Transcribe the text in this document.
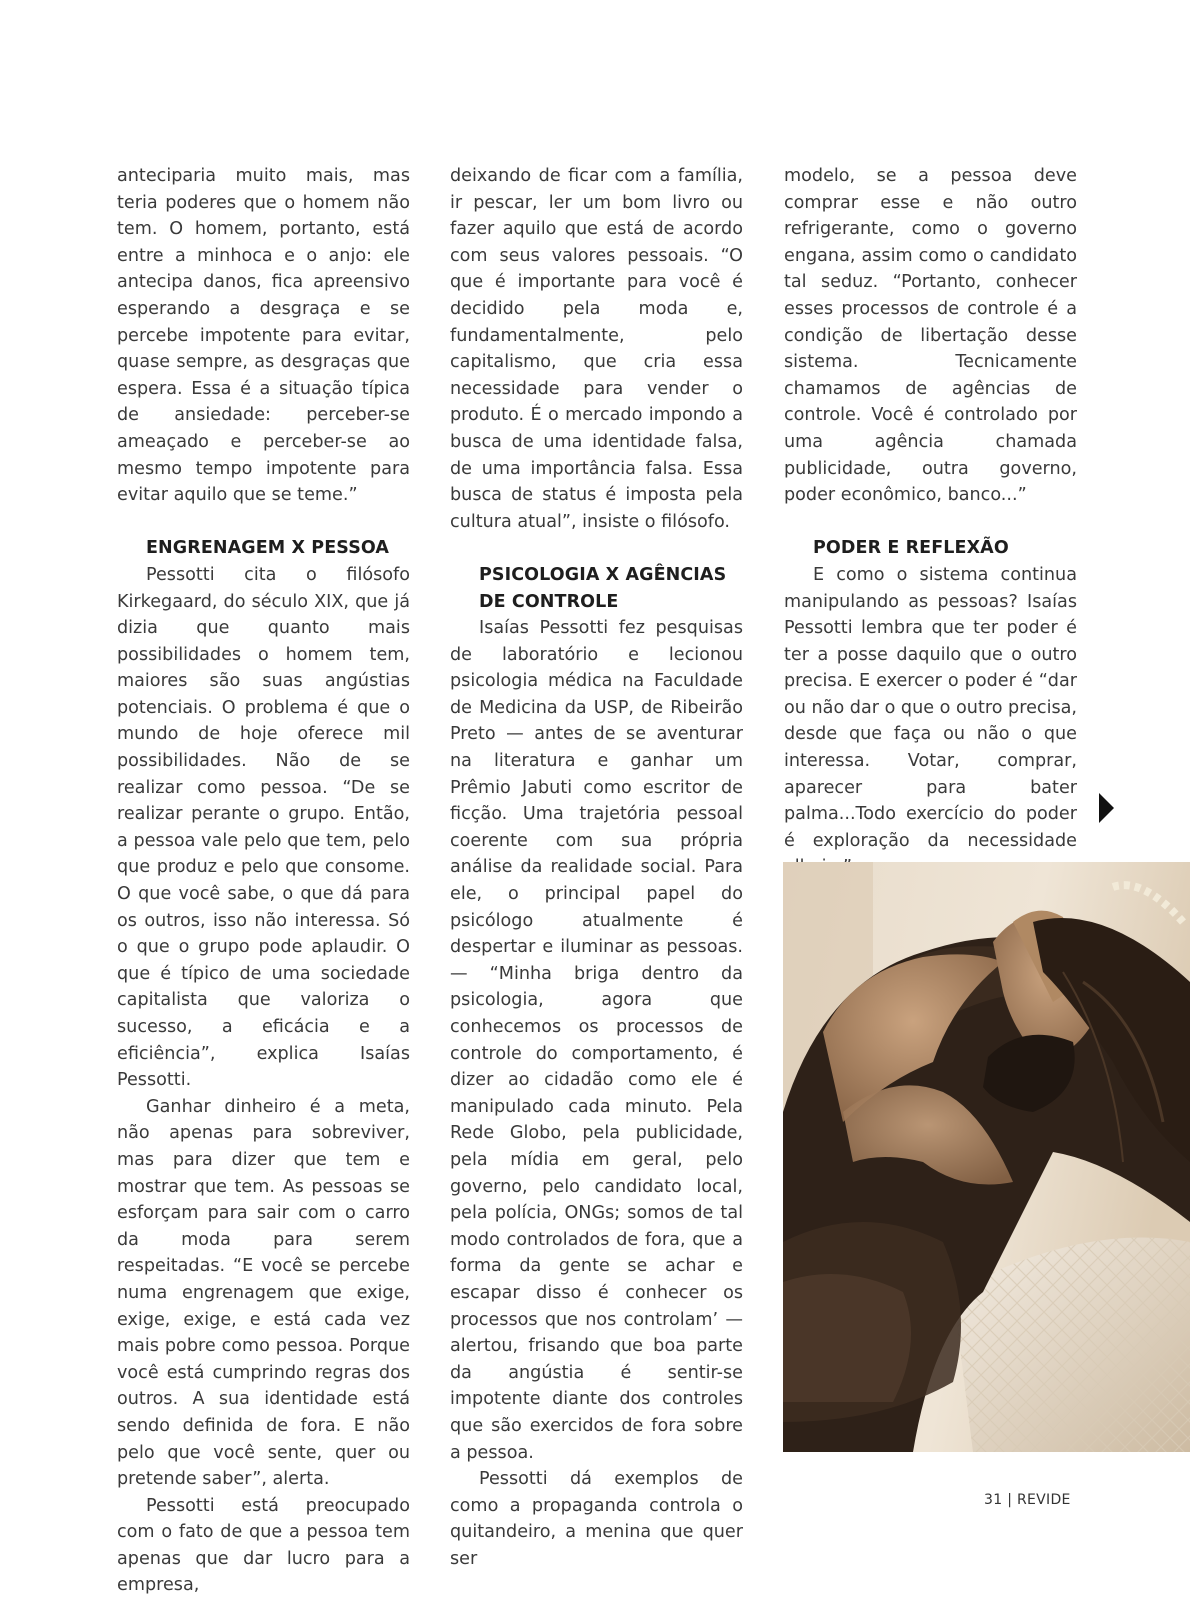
anteciparia muito mais, mas teria poderes que o homem não tem. O homem, portanto, está entre a minhoca e o anjo: ele antecipa danos, fica apreensivo esperando a desgraça e se percebe impotente para evitar, quase sempre, as desgraças que espera. Essa é a situação típica de ansiedade: perceber-se ameaçado e perceber-se ao mesmo tempo impotente para evitar aquilo que se teme.”

ENGRENAGEM X PESSOA

Pessotti cita o filósofo Kirkegaard, do século XIX, que já dizia que quanto mais possibilidades o homem tem, maiores são suas angústias potenciais. O problema é que o mundo de hoje oferece mil possibilidades. Não de se realizar como pessoa. “De se realizar perante o grupo. Então, a pessoa vale pelo que tem, pelo que produz e pelo que consome. O que você sabe, o que dá para os outros, isso não interessa. Só o que o grupo pode aplaudir. O que é típico de uma sociedade capitalista que valoriza o sucesso, a eficácia e a eficiência”, explica Isaías Pessotti.

Ganhar dinheiro é a meta, não apenas para sobreviver, mas para dizer que tem e mostrar que tem. As pessoas se esforçam para sair com o carro da moda para serem respeitadas. “E você se percebe numa engrenagem que exige, exige, exige, e está cada vez mais pobre como pessoa. Porque você está cumprindo regras dos outros. A sua identidade está sendo definida de fora. E não pelo que você sente, quer ou pretende saber”, alerta.

Pessotti está preocupado com o fato de que a pessoa tem apenas que dar lucro para a empresa,

deixando de ficar com a família, ir pescar, ler um bom livro ou fazer aquilo que está de acordo com seus valores pessoais. “O que é importante para você é decidido pela moda e, fundamentalmente, pelo capitalismo, que cria essa necessidade para vender o produto. É o mercado impondo a busca de uma identidade falsa, de uma importância falsa. Essa busca de status é imposta pela cultura atual”, insiste o filósofo.

PSICOLOGIA X AGÊNCIAS DE CONTROLE

Isaías Pessotti fez pesquisas de laboratório e lecionou psicologia médica na Faculdade de Medicina da USP, de Ribeirão Preto — antes de se aventurar na literatura e ganhar um Prêmio Jabuti como escritor de ficção. Uma trajetória pessoal coerente com sua própria análise da realidade social. Para ele, o principal papel do psicólogo atualmente é despertar e iluminar as pessoas. — “Minha briga dentro da psicologia, agora que conhecemos os processos de controle do comportamento, é dizer ao cidadão como ele é manipulado cada minuto. Pela Rede Globo, pela publicidade, pela mídia em geral, pelo governo, pelo candidato local, pela polícia, ONGs; somos de tal modo controlados de fora, que a forma da gente se achar e escapar disso é conhecer os processos que nos controlam’ — alertou, frisando que boa parte da angústia é sentir-se impotente diante dos controles que são exercidos de fora sobre a pessoa.

Pessotti dá exemplos de como a propaganda controla o quitandeiro, a menina que quer ser

modelo, se a pessoa deve comprar esse e não outro refrigerante, como o governo engana, assim como o candidato tal seduz. “Portanto, conhecer esses processos de controle é a condição de libertação desse sistema. Tecnicamente chamamos de agências de controle. Você é controlado por uma agência chamada publicidade, outra governo, poder econômico, banco...”

PODER E REFLEXÃO

E como o sistema continua manipulando as pessoas? Isaías Pessotti lembra que ter poder é ter a posse daquilo que o outro precisa. E exercer o poder é “dar ou não dar o que o outro precisa, desde que faça ou não o que interessa. Votar, comprar, aparecer para bater palma...Todo exercício do poder é exploração da necessidade

31 | REVIDE
